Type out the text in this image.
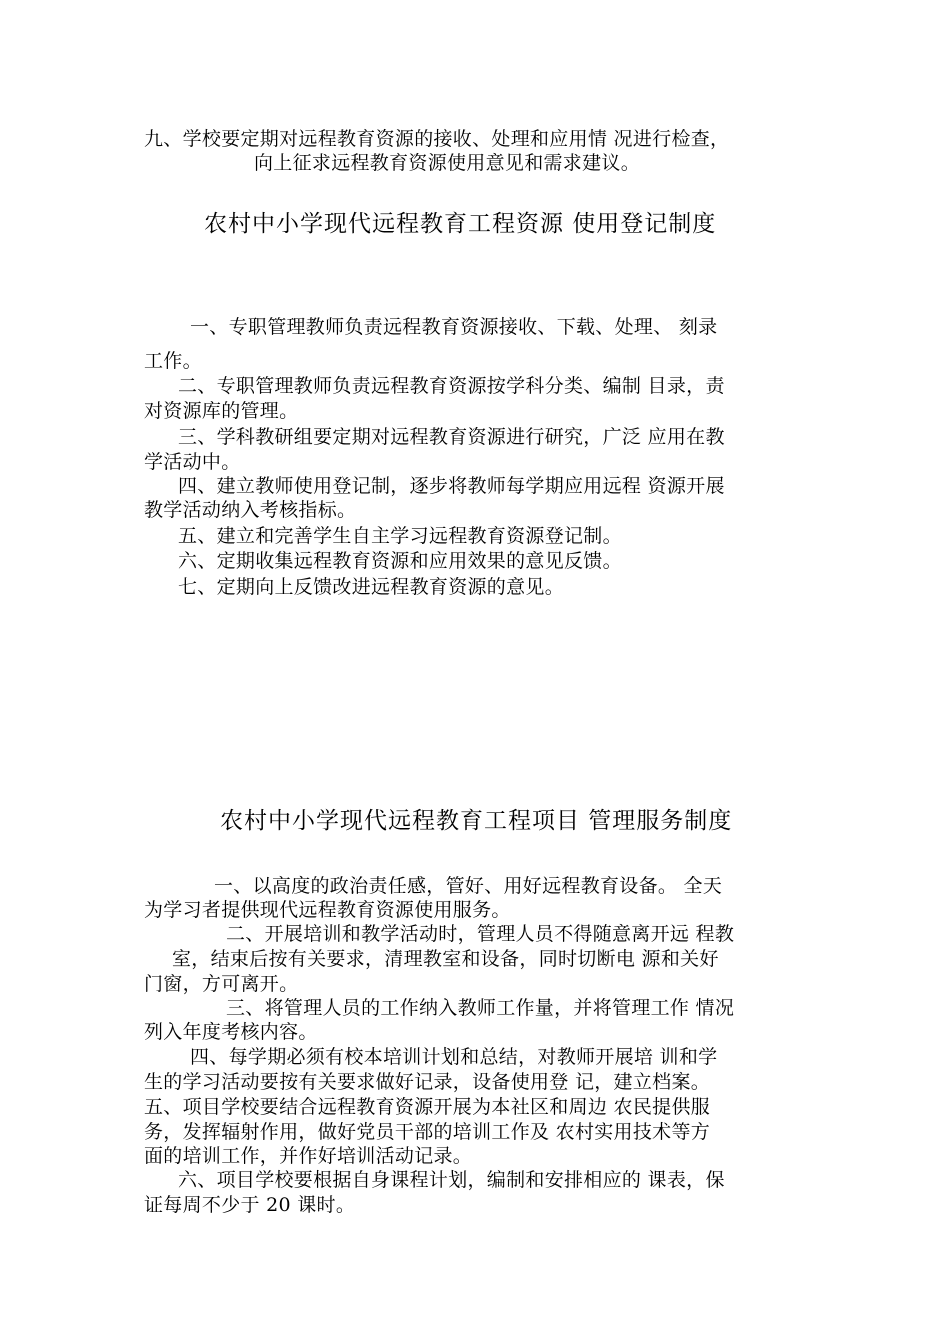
九、学校要定期对远程教育资源的接收、处理和应用情 况进行检查，
向上征求远程教育资源使用意见和需求建议。
农村中小学现代远程教育工程资源 使用登记制度
一、专职管理教师负责远程教育资源接收、下载、处理、 刻录
工作。
二、专职管理教师负责远程教育资源按学科分类、编制 目录，责
对资源库的管理。
三、学科教研组要定期对远程教育资源进行研究，广泛 应用在教
学活动中。
四、建立教师使用登记制，逐步将教师每学期应用远程 资源开展
教学活动纳入考核指标。
五、建立和完善学生自主学习远程教育资源登记制。
六、定期收集远程教育资源和应用效果的意见反馈。
七、定期向上反馈改进远程教育资源的意见。
农村中小学现代远程教育工程项目 管理服务制度
一、以高度的政治责任感，管好、用好远程教育设备。 全天
为学习者提供现代远程教育资源使用服务。
二、开展培训和教学活动时，管理人员不得随意离开远 程教
室，结束后按有关要求，清理教室和设备，同时切断电 源和关好
门窗，方可离开。
三、将管理人员的工作纳入教师工作量，并将管理工作 情况
列入年度考核内容。
四、每学期必须有校本培训计划和总结，对教师开展培 训和学
生的学习活动要按有关要求做好记录，设备使用登 记，建立档案。
五、项目学校要结合远程教育资源开展为本社区和周边 农民提供服
务，发挥辐射作用，做好党员干部的培训工作及 农村实用技术等方
面的培训工作，并作好培训活动记录。
六、项目学校要根据自身课程计划，编制和安排相应的 课表，保
证每周不少于 20 课时。
